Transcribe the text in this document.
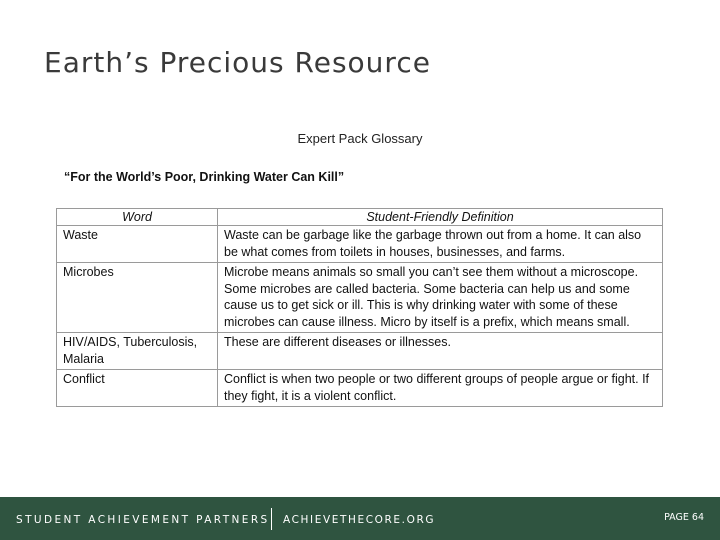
Earth’s Precious Resource
Expert Pack Glossary
“For the World’s Poor, Drinking Water Can Kill”
Word	Student-Friendly Definition
Waste	Waste can be garbage like the garbage thrown out from a home. It can also be what comes from toilets in houses, businesses, and farms.
Microbes	Microbe means animals so small you can’t see them without a microscope. Some microbes are called bacteria. Some bacteria can help us and some cause us to get sick or ill. This is why drinking water with some of these microbes can cause illness. Micro by itself is a prefix, which means small.
HIV/AIDS, Tuberculosis, Malaria	These are different diseases or illnesses.
Conflict	Conflict is when two people or two different groups of people argue or fight. If they fight, it is a violent conflict.
STUDENT ACHIEVEMENT PARTNERS ACHIEVETHECORE.ORG	PAGE 64
